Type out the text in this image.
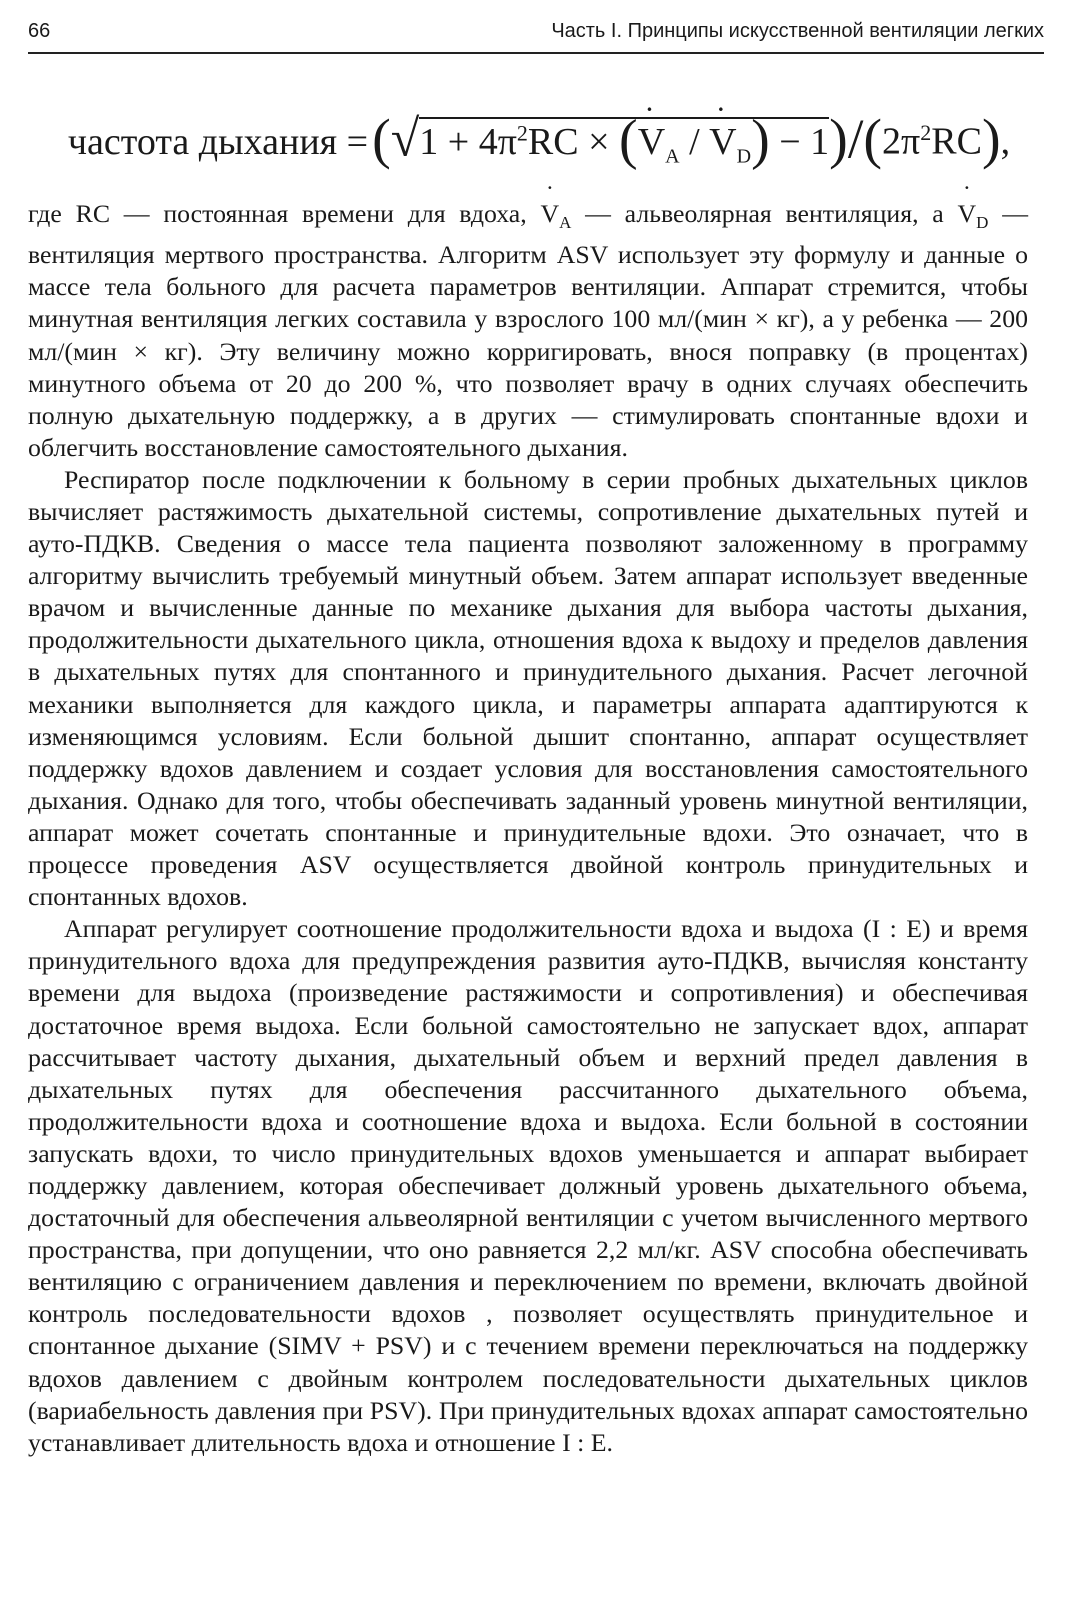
66	Часть I. Принципы искусственной вентиляции легких
частота дыхания $=(√1 + 4\pi^2RC$ × (˙ $V_A$ / ˙ $V_D) - 1)/(2\pi^2RC)$,

где RC — постоянная времени для вдоха, ˙ $V_A$ — альвеолярная вентиляция, а ˙ $V_D$ — вентиляция мертвого пространства. Алгоритм ASV использует эту формулу и данные о массе тела больного для расчета параметров вентиляции. Аппарат стремится, чтобы минутная вентиляция легких составила у взрослого 100 мл/(мин × кг), а у ребенка — 200 мл/(мин × кг). Эту величину можно корригировать, внося поправку (в процентах) минутного объема от 20 до 200 %, что позволяет врачу в одних случаях обеспечить полную дыхательную поддержку, а в других — стимулировать спонтанные вдохи и облегчить восстановление самостоятельного дыхания.

Респиратор после подключении к больному в серии пробных дыхательных циклов вычисляет растяжимость дыхательной системы, сопротивление дыхательных путей и ауто-ПДКВ. Сведения о массе тела пациента позволяют заложенному в программу алгоритму вычислить требуемый минутный объем. Затем аппарат использует введенные врачом и вычисленные данные по механике дыхания для выбора частоты дыхания, продолжительности дыхательного цикла, отношения вдоха к выдоху и пределов давления в дыхательных путях для спонтанного и принудительного дыхания. Расчет легочной механики выполняется для каждого цикла, и параметры аппарата адаптируются к изменяющимся условиям. Если больной дышит спонтанно, аппарат осуществляет поддержку вдохов давлением и создает условия для восстановления самостоятельного дыхания. Однако для того, чтобы обеспечивать заданный уровень минутной вентиляции, аппарат может сочетать спонтанные и принудительные вдохи. Это означает, что в процессе проведения ASV осуществляется двойной контроль принудительных и спонтанных вдохов.

Аппарат регулирует соотношение продолжительности вдоха и выдоха (I : E) и время принудительного вдоха для предупреждения развития ауто-ПДКВ, вычисляя константу времени для выдоха (произведение растяжимости и сопротивления) и обеспечивая достаточное время выдоха. Если больной самостоятельно не запускает вдох, аппарат рассчитывает частоту дыхания, дыхательный объем и верхний предел давления в дыхательных путях для обеспечения рассчитанного дыхательного объема, продолжительности вдоха и соотношение вдоха и выдоха. Если больной в состоянии запускать вдохи, то число принудительных вдохов уменьшается и аппарат выбирает поддержку давлением, которая обеспечивает должный уровень дыхательного объема, достаточный для обеспечения альвеолярной вентиляции с учетом вычисленного мертвого пространства, при допущении, что оно равняется 2,2 мл/кг. ASV способна обеспечивать вентиляцию с ограничением давления и переключением по времени, включать двойной контроль последовательности вдохов , позволяет осуществлять принудительное и спонтанное дыхание (SIMV + PSV) и с течением времени переключаться на поддержку вдохов давлением с двойным контролем последовательности дыхательных циклов (вариабельность давления при PSV). При принудительных вдохах аппарат самостоятельно устанавливает длительность вдоха и отношение I : E.
